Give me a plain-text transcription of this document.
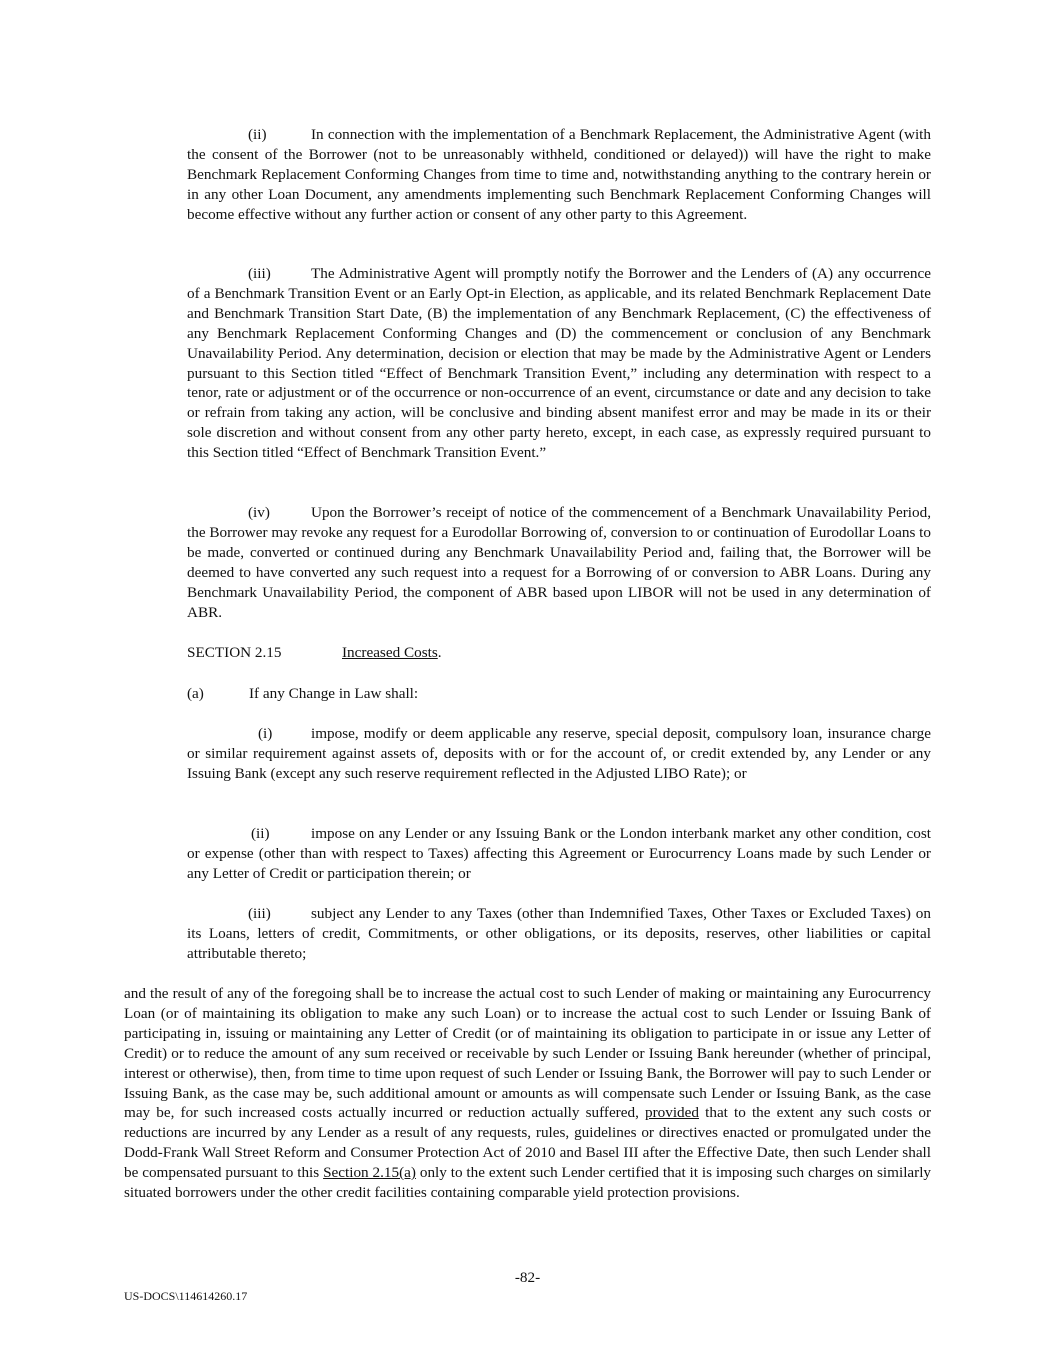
(ii)	In connection with the implementation of a Benchmark Replacement, the Administrative Agent (with the consent of the Borrower (not to be unreasonably withheld, conditioned or delayed)) will have the right to make Benchmark Replacement Conforming Changes from time to time and, notwithstanding anything to the contrary herein or in any other Loan Document, any amendments implementing such Benchmark Replacement Conforming Changes will become effective without any further action or consent of any other party to this Agreement.

(iii)	The Administrative Agent will promptly notify the Borrower and the Lenders of (A) any occurrence of a Benchmark Transition Event or an Early Opt-in Election, as applicable, and its related Benchmark Replacement Date and Benchmark Transition Start Date, (B) the implementation of any Benchmark Replacement, (C) the effectiveness of any Benchmark Replacement Conforming Changes and (D) the commencement or conclusion of any Benchmark Unavailability Period. Any determination, decision or election that may be made by the Administrative Agent or Lenders pursuant to this Section titled “Effect of Benchmark Transition Event,” including any determination with respect to a tenor, rate or adjustment or of the occurrence or non-occurrence of an event, circumstance or date and any decision to take or refrain from taking any action, will be conclusive and binding absent manifest error and may be made in its or their sole discretion and without consent from any other party hereto, except, in each case, as expressly required pursuant to this Section titled “Effect of Benchmark Transition Event.”

(iv)	Upon the Borrower’s receipt of notice of the commencement of a Benchmark Unavailability Period, the Borrower may revoke any request for a Eurodollar Borrowing of, conversion to or continuation of Eurodollar Loans to be made, converted or continued during any Benchmark Unavailability Period and, failing that, the Borrower will be deemed to have converted any such request into a request for a Borrowing of or conversion to ABR Loans. During any Benchmark Unavailability Period, the component of ABR based upon LIBOR will not be used in any determination of ABR.

SECTION 2.15	Increased Costs.
(a)	If any Change in Law shall:

(i)	impose, modify or deem applicable any reserve, special deposit, compulsory loan, insurance charge or similar requirement against assets of, deposits with or for the account of, or credit extended by, any Lender or any Issuing Bank (except any such reserve requirement reflected in the Adjusted LIBO Rate); or

(ii)	impose on any Lender or any Issuing Bank or the London interbank market any other condition, cost or expense (other than with respect to Taxes) affecting this Agreement or Eurocurrency Loans made by such Lender or any Letter of Credit or participation therein; or

(iii)	subject any Lender to any Taxes (other than Indemnified Taxes, Other Taxes or Excluded Taxes) on its Loans, letters of credit, Commitments, or other obligations, or its deposits, reserves, other liabilities or capital attributable thereto;

and the result of any of the foregoing shall be to increase the actual cost to such Lender of making or maintaining any Eurocurrency Loan (or of maintaining its obligation to make any such Loan) or to increase the actual cost to such Lender or Issuing Bank of participating in, issuing or maintaining any Letter of Credit (or of maintaining its obligation to participate in or issue any Letter of Credit) or to reduce the amount of any sum received or receivable by such Lender or Issuing Bank hereunder (whether of principal, interest or otherwise), then, from time to time upon request of such Lender or Issuing Bank, the Borrower will pay to such Lender or Issuing Bank, as the case may be, such additional amount or amounts as will compensate such Lender or Issuing Bank, as the case may be, for such increased costs actually incurred or reduction actually suffered, provided that to the extent any such costs or reductions are incurred by any Lender as a result of any requests, rules, guidelines or directives enacted or promulgated under the Dodd-Frank Wall Street Reform and Consumer Protection Act of 2010 and Basel III after the Effective Date, then such Lender shall be compensated pursuant to this Section 2.15(a) only to the extent such Lender certified that it is imposing such charges on similarly situated borrowers under the other credit facilities containing comparable yield protection provisions.

-82-
US-DOCS\114614260.17
